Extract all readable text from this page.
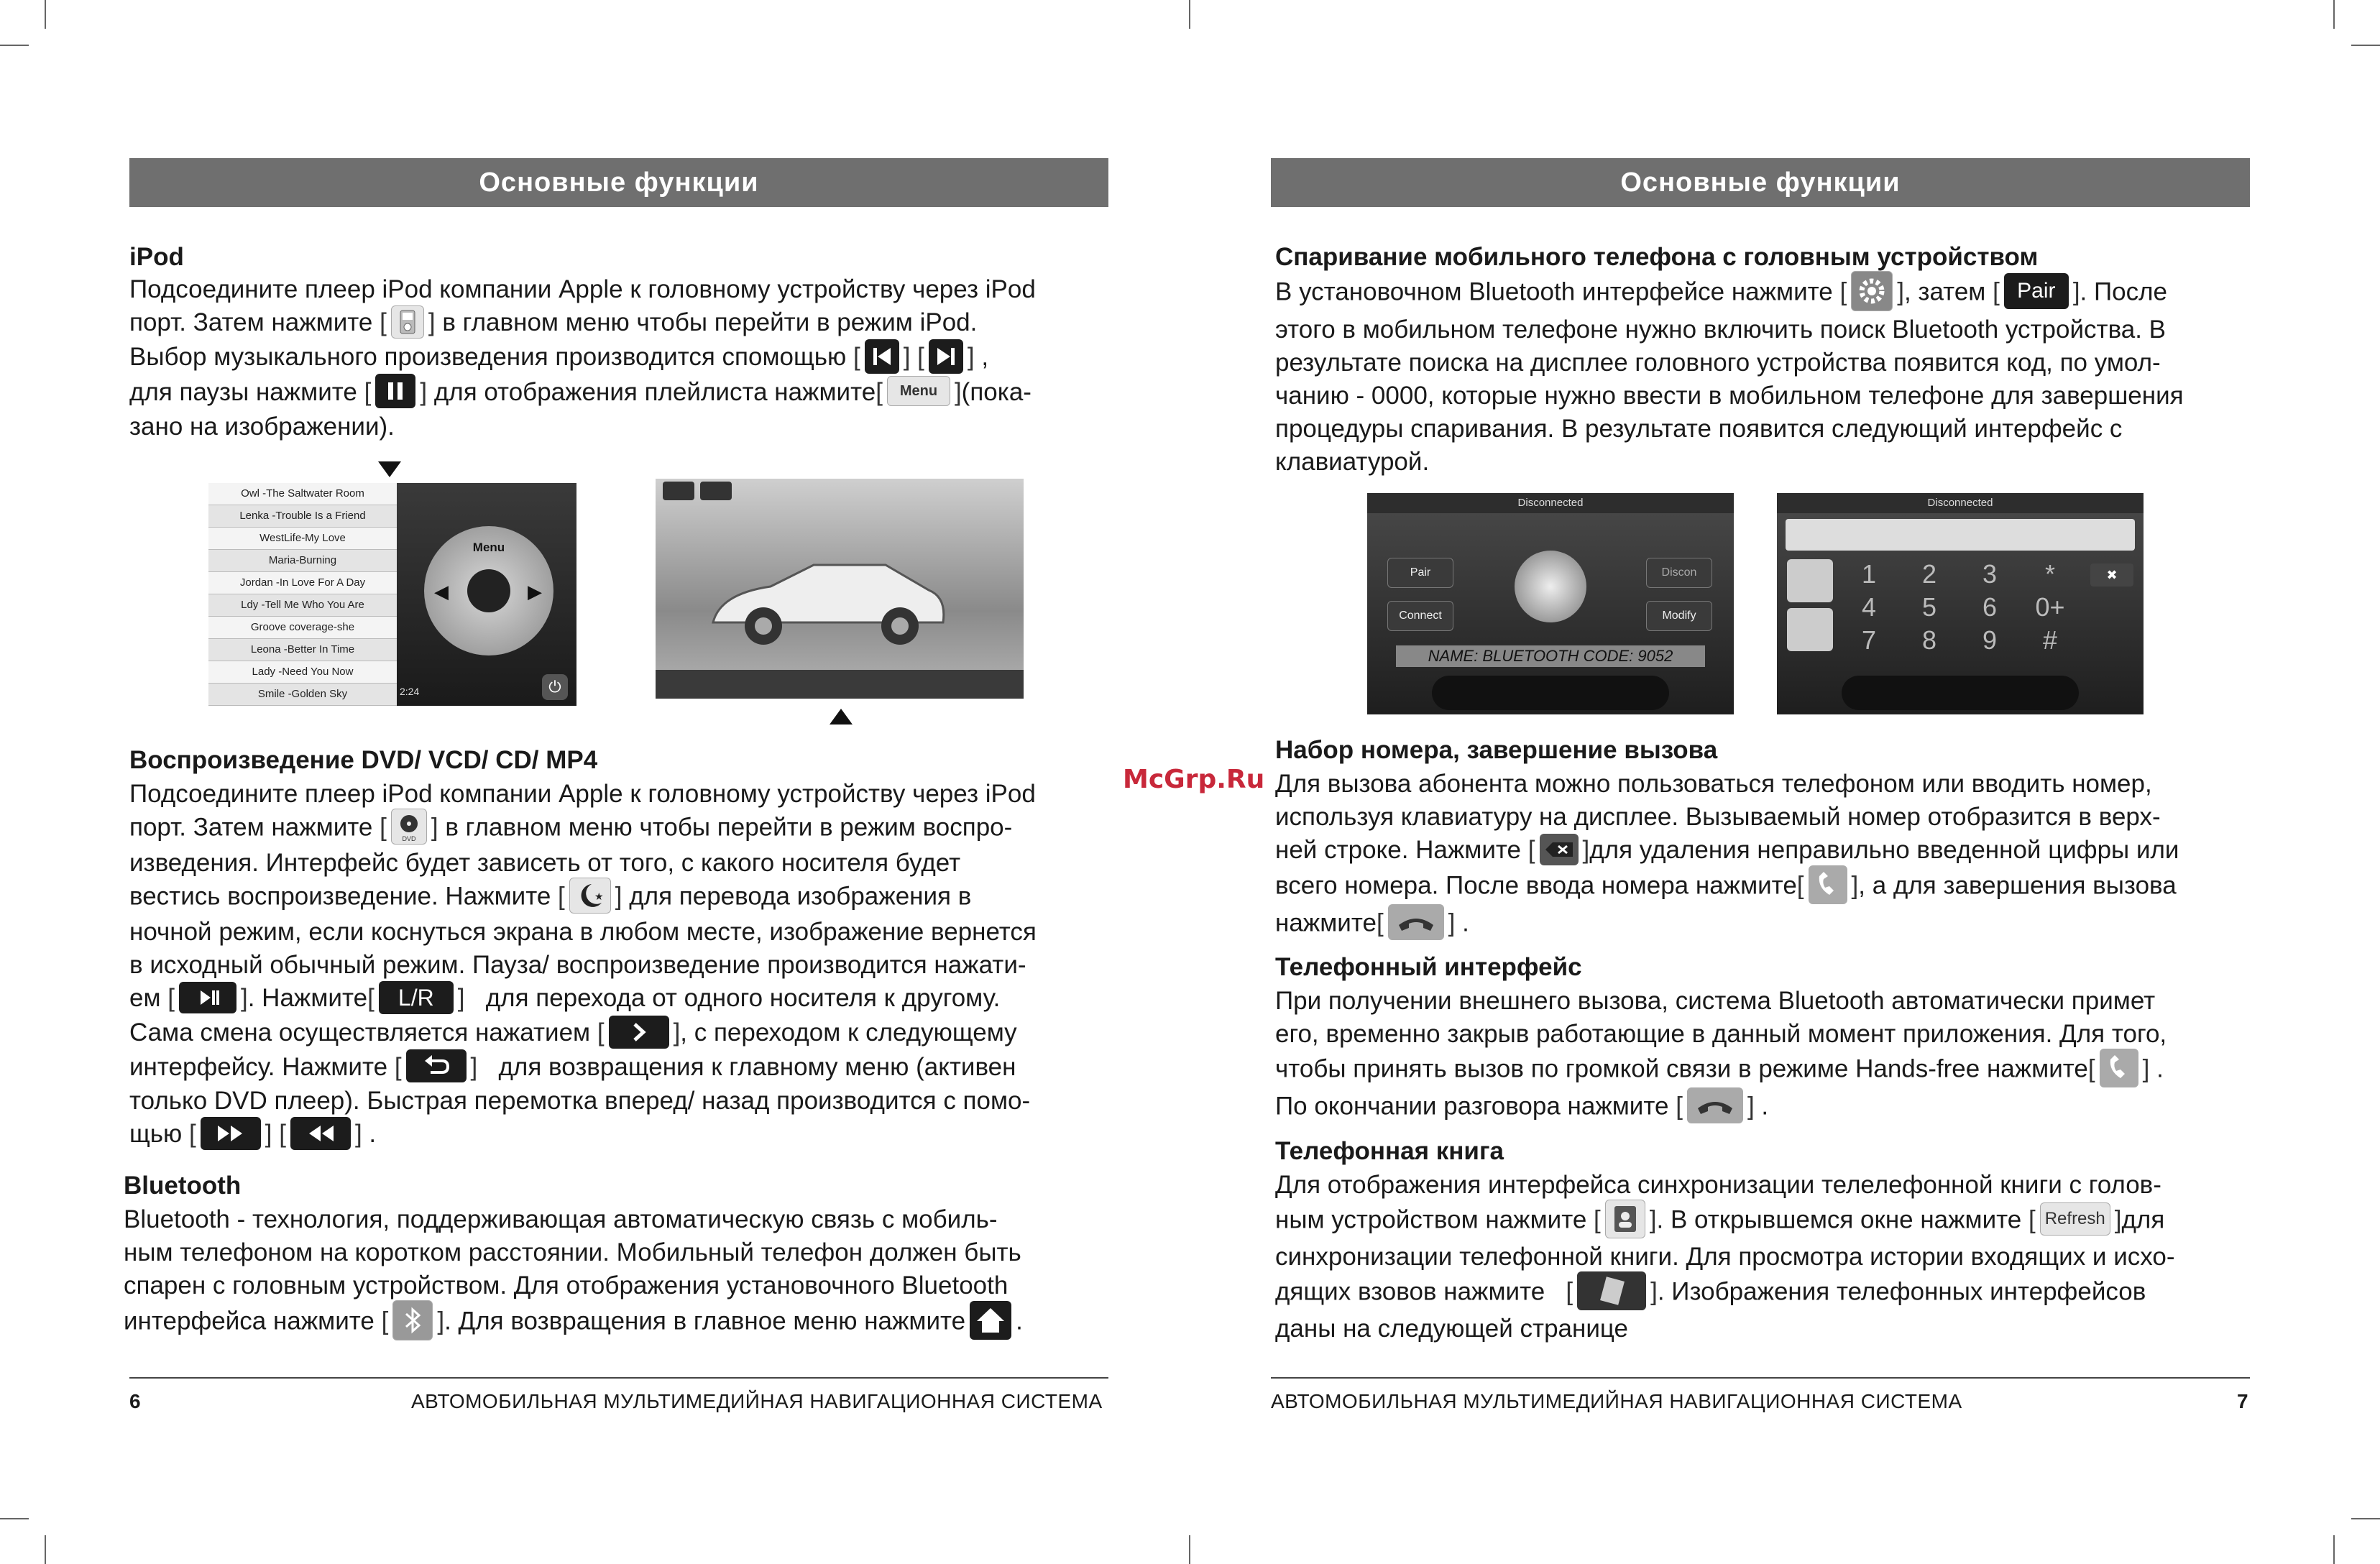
Основные функции
iPod
Подсоедините плеер iPod компании Apple к головному устройству через iPod
порт. Затем нажмите [ ] в главном меню чтобы перейти в режим iPod.
Выбор музыкального произведения производится спомощью [ ] [ ] ,
для паузы нажмите [ ] для отображения плейлиста нажмите[ Menu ](пока-
зано на изображении).
Owl -The Saltwater Room
Lenka -Trouble Is a Friend
WestLife-My Love
Maria-Burning
Jordan -In Love For A Day
Ldy -Tell Me Who You Are
Groove coverage-she
Leona -Better In Time
Lady -Need You Now
Smile -Golden Sky
Menu
◀	▶
2:24	⏻
Воспроизведение DVD/ VCD/ CD/ MP4
Подсоедините плеер iPod компании Apple к головному устройству через iPod
порт. Затем нажмите [ DVD ] в главном меню чтобы перейти в режим воспро-
изведения. Интерфейс будет зависеть от того, с какого носителя будет
вестись воспроизведение. Нажмите [	★ ] для перевода изображения в
ночной режим, если коснуться экрана в любом месте, изображение вернется
в исходный обычный режим. Пауза/ воспроизведение производится нажати-
ем [	]. Нажмите[ L/R ] для перехода от одного носителя к другому.
Сама смена осуществляется нажатием [	], с переходом к следующему
интерфейсу. Нажмите [	] для возвращения к главному меню (активен
только DVD плеер). Быстрая перемотка вперед/ назад производится с помо-
щью [	] [	] .
Bluetooth
Bluetooth - технология, поддерживающая автоматическую связь с мобиль-
ным телефоном на коротком расстоянии. Мобильный телефон должен быть
спарен с головным устройством. Для отображения установочного Bluetooth
интерфейса нажмите [ ]. Для возвращения в главное меню нажмите .
6	АВТОМОБИЛЬНАЯ МУЛЬТИМЕДИЙНАЯ НАВИГАЦИОННАЯ СИСТЕМА
Основные функции
Спаривание мобильного телефона с головным устройством
В установочном Bluetooth интерфейсе нажмите [ ], затем [ Pair ]. После
этого в мобильном телефоне нужно включить поиск Bluetooth устройства. В
результате поиска на дисплее головного устройства появится код, по умол-
чанию - 0000, которые нужно ввести в мобильном телефоне для завершения
процедуры спаривания. В результате появится следующий интерфейс с
клавиатурой.
Disconnected
Pair
Connect
Discon
Modify
NAME: BLUETOOTH CODE: 9052
Disconnected
1	2	3	*
4	5	6	0+
7	8	9	#
✖
Набор номера, завершение вызова
Для вызова абонента можно пользоваться телефоном или вводить номер,
используя клавиатуру на дисплее. Вызываемый номер отобразится в верх-
ней строке. Нажмите [ ]для удаления неправильно введенной цифры или
всего номера. После ввода номера нажмите[ ], а для завершения вызова
нажмите[	] .
Телефонный интерфейс
При получении внешнего вызова, система Bluetooth автоматически примет
его, временно закрыв работающие в данный момент приложения. Для того,
чтобы принять вызов по громкой связи в режиме Hands-free нажмите[ ] .
По окончании разговора нажмите [	] .
Телефонная книга
Для отображения интерфейса синхронизации телелефонной книги с голов-
ным устройством нажмите [ ]. В открывшемся окне нажмите [ Refresh ]для
синхронизации телефонной книги. Для просмотра истории входящих и исхо-
дящих взовов нажмите [	]. Изображения телефонных интерфейсов
даны на следующей странице
АВТОМОБИЛЬНАЯ МУЛЬТИМЕДИЙНАЯ НАВИГАЦИОННАЯ СИСТЕМА	7
McGrp.Ru
